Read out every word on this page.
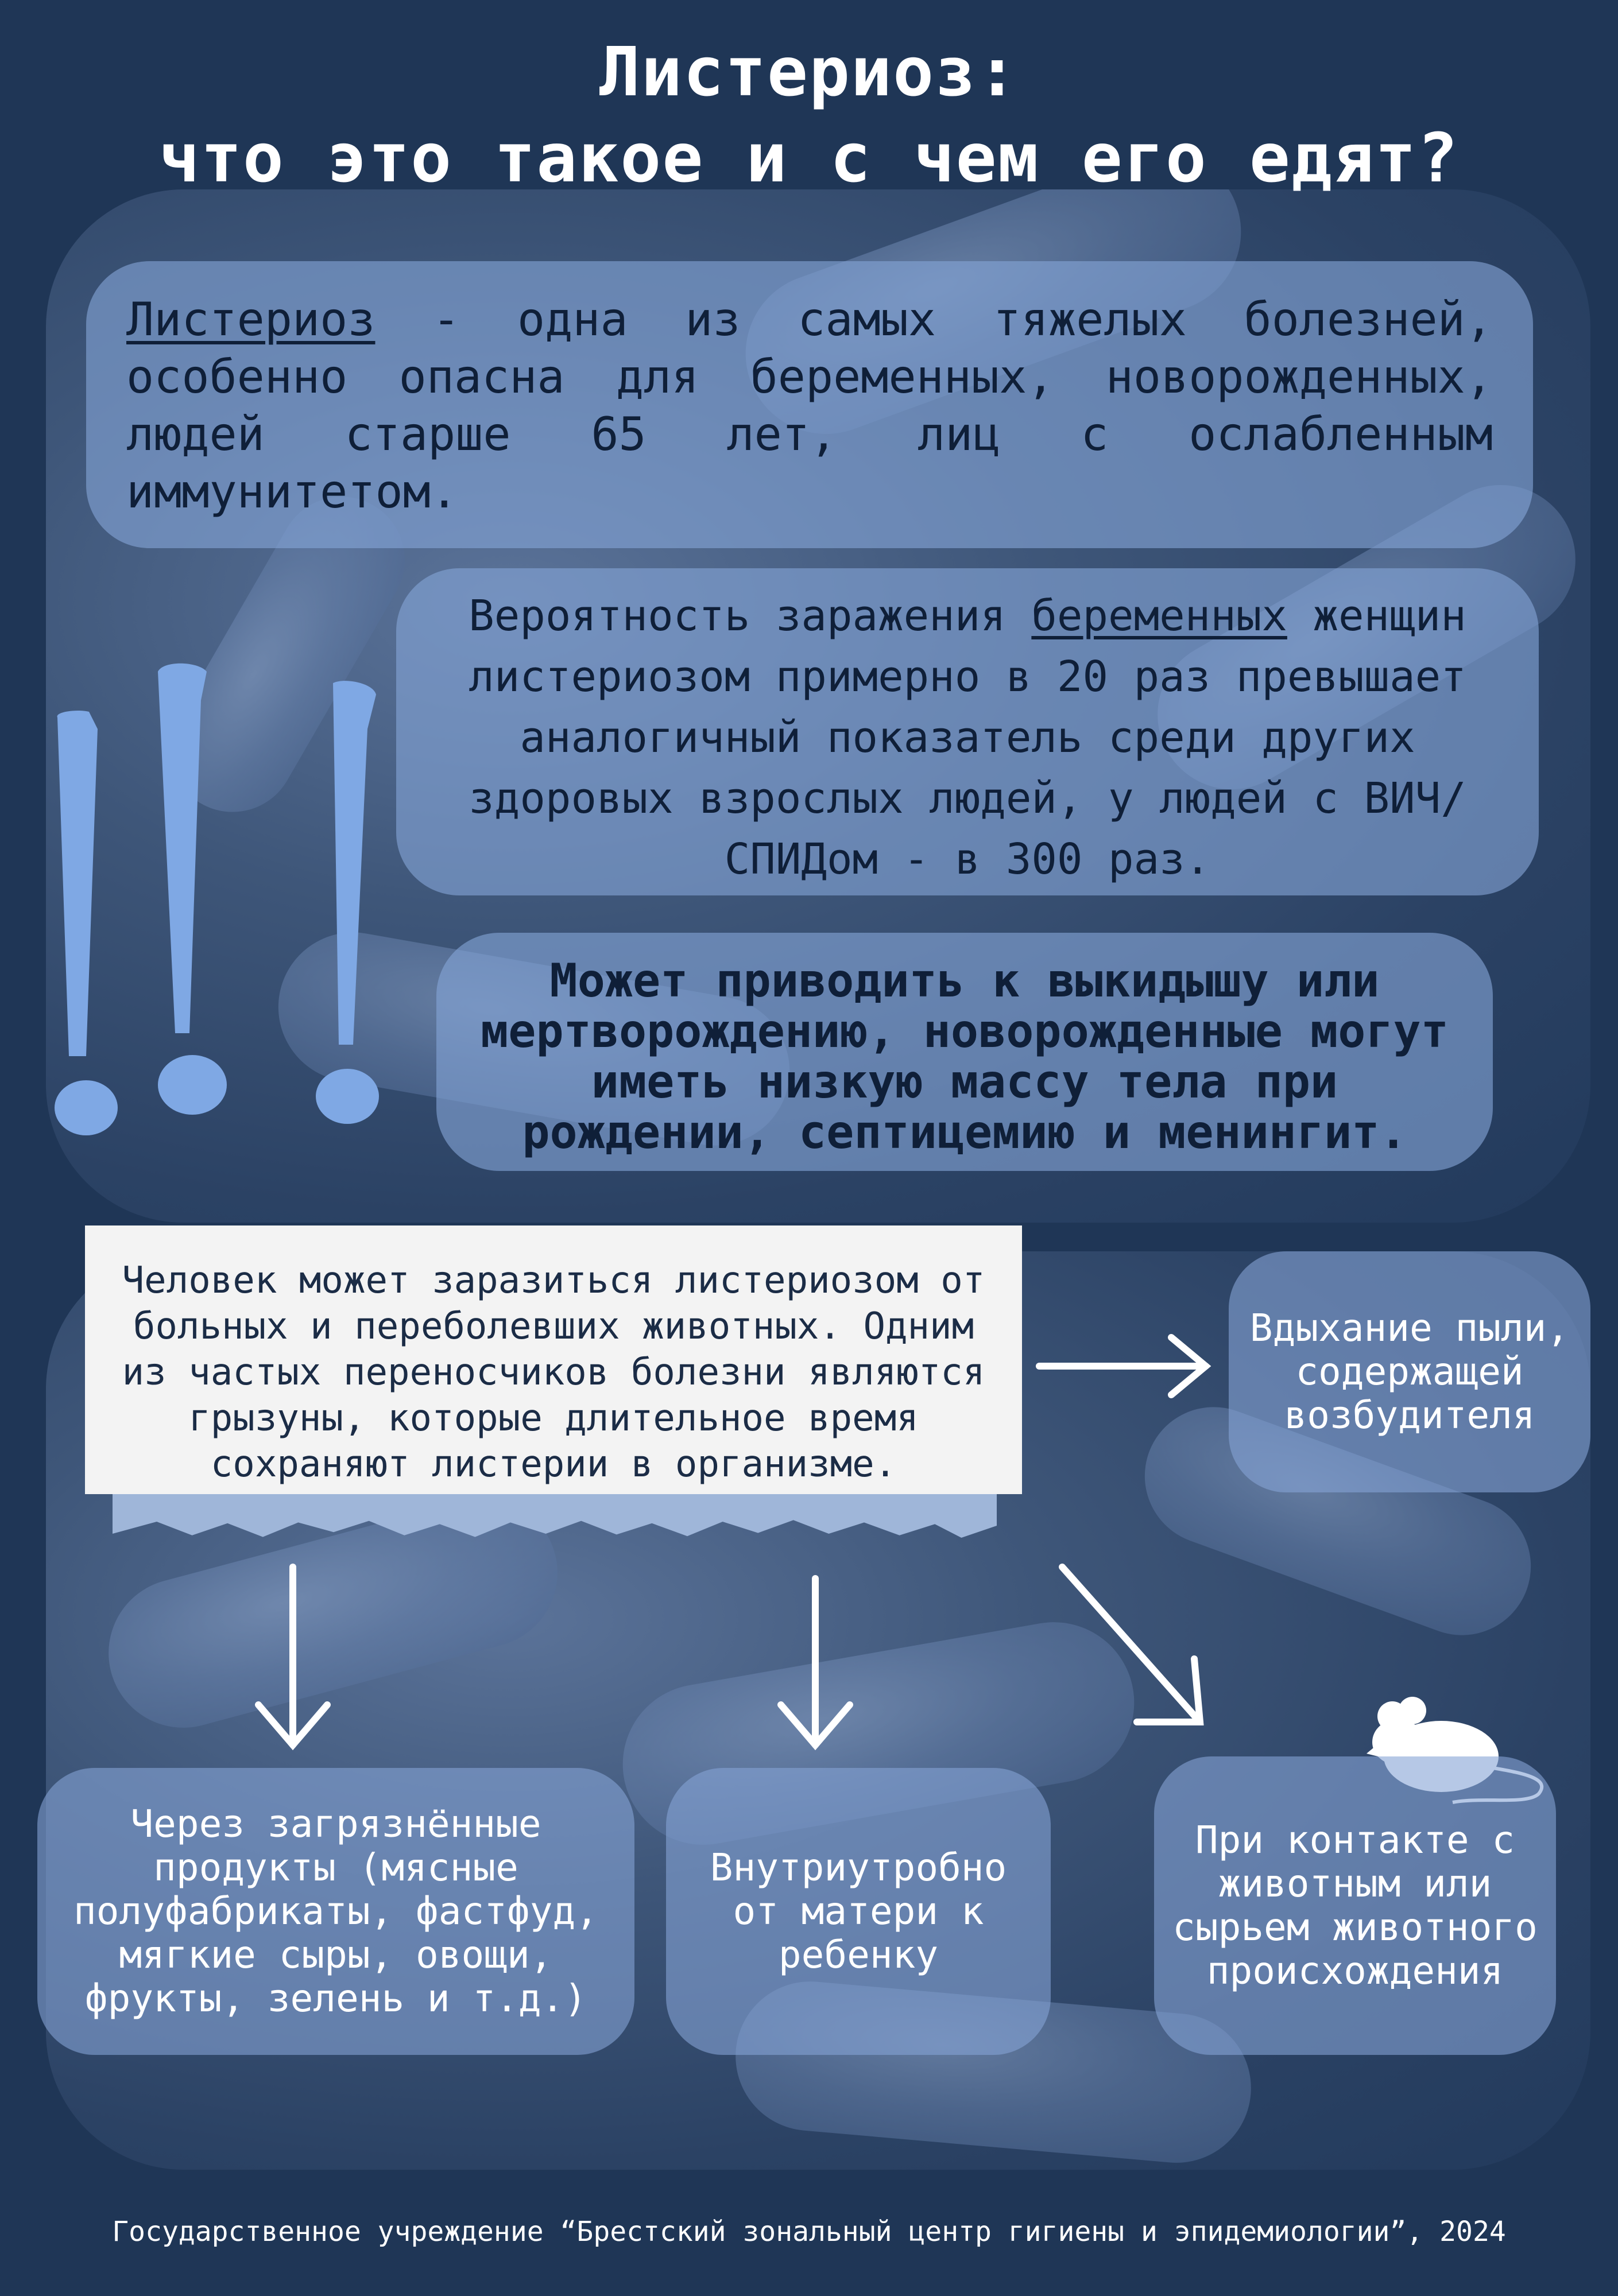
Листериоз:
что это такое и с чем его едят?
Листериоз - одна из самых тяжелых болезней, особенно опасна для беременных, новорожденных, людей старше 65 лет, лиц с ослабленным иммунитетом.
Вероятность заражения беременных женщин листериозом примерно в 20 раз превышает аналогичный показатель среди других здоровых взрослых людей, у людей с ВИЧ/СПИДом - в 300 раз.
Может приводить к выкидышу или мертворождению, новорожденные могут иметь низкую массу тела при рождении, септицемию и менингит.
Человек может заразиться листериозом от больных и переболевших животных. Одним из частых переносчиков болезни являются грызуны, которые длительное время сохраняют листерии в организме.
Вдыхание пыли, содержащей возбудителя
Через загрязнённые продукты (мясные полуфабрикаты, фастфуд, мягкие сыры, овощи, фрукты, зелень и т.д.)
Внутриутробно от матери к ребенку
При контакте с животным или сырьем животного происхождения
Государственное учреждение “Брестский зональный центр гигиены и эпидемиологии”, 2024
